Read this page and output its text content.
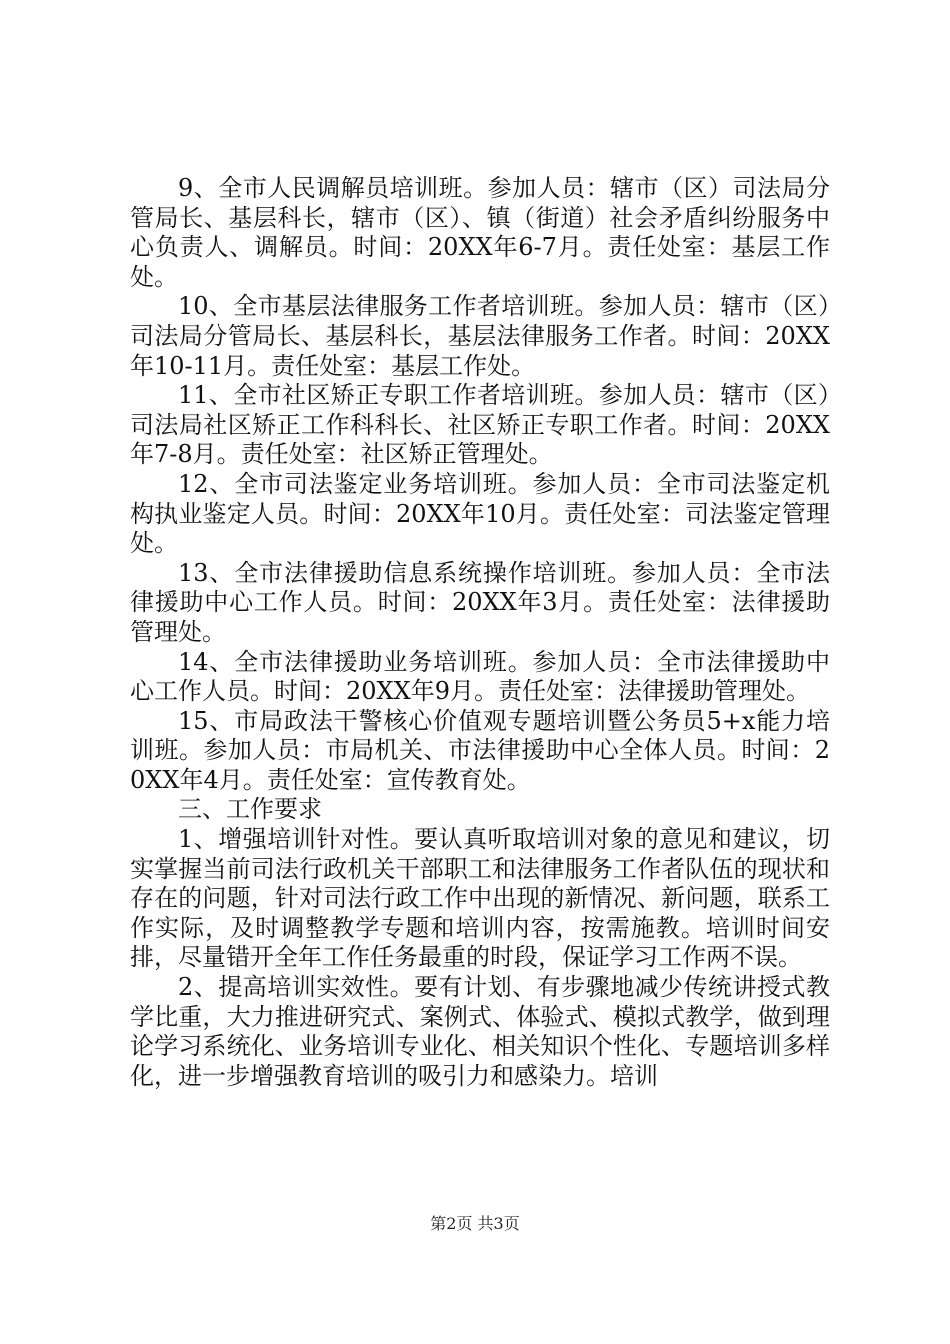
9、全市人民调解员培训班。参加人员：辖市（区）司法局分管局长、基层科长，辖市（区）、镇（街道）社会矛盾纠纷服务中心负责人、调解员。时间：20XX年6-7月。责任处室：基层工作处。

10、全市基层法律服务工作者培训班。参加人员：辖市（区）司法局分管局长、基层科长，基层法律服务工作者。时间：20XX年10-11月。责任处室：基层工作处。

11、全市社区矫正专职工作者培训班。参加人员：辖市（区）司法局社区矫正工作科科长、社区矫正专职工作者。时间：20XX年7-8月。责任处室：社区矫正管理处。

12、全市司法鉴定业务培训班。参加人员：全市司法鉴定机构执业鉴定人员。时间：20XX年10月。责任处室：司法鉴定管理处。

13、全市法律援助信息系统操作培训班。参加人员：全市法律援助中心工作人员。时间：20XX年3月。责任处室：法律援助管理处。

14、全市法律援助业务培训班。参加人员：全市法律援助中心工作人员。时间：20XX年9月。责任处室：法律援助管理处。

15、市局政法干警核心价值观专题培训暨公务员5+x能力培训班。参加人员：市局机关、市法律援助中心全体人员。时间：20XX年4月。责任处室：宣传教育处。

三、工作要求

1、增强培训针对性。要认真听取培训对象的意见和建议，切实掌握当前司法行政机关干部职工和法律服务工作者队伍的现状和存在的问题，针对司法行政工作中出现的新情况、新问题，联系工作实际，及时调整教学专题和培训内容，按需施教。培训时间安排，尽量错开全年工作任务最重的时段，保证学习工作两不误。

2、提高培训实效性。要有计划、有步骤地减少传统讲授式教学比重，大力推进研究式、案例式、体验式、模拟式教学，做到理论学习系统化、业务培训专业化、相关知识个性化、专题培训多样化，进一步增强教育培训的吸引力和感染力。培训

第2页 共3页
